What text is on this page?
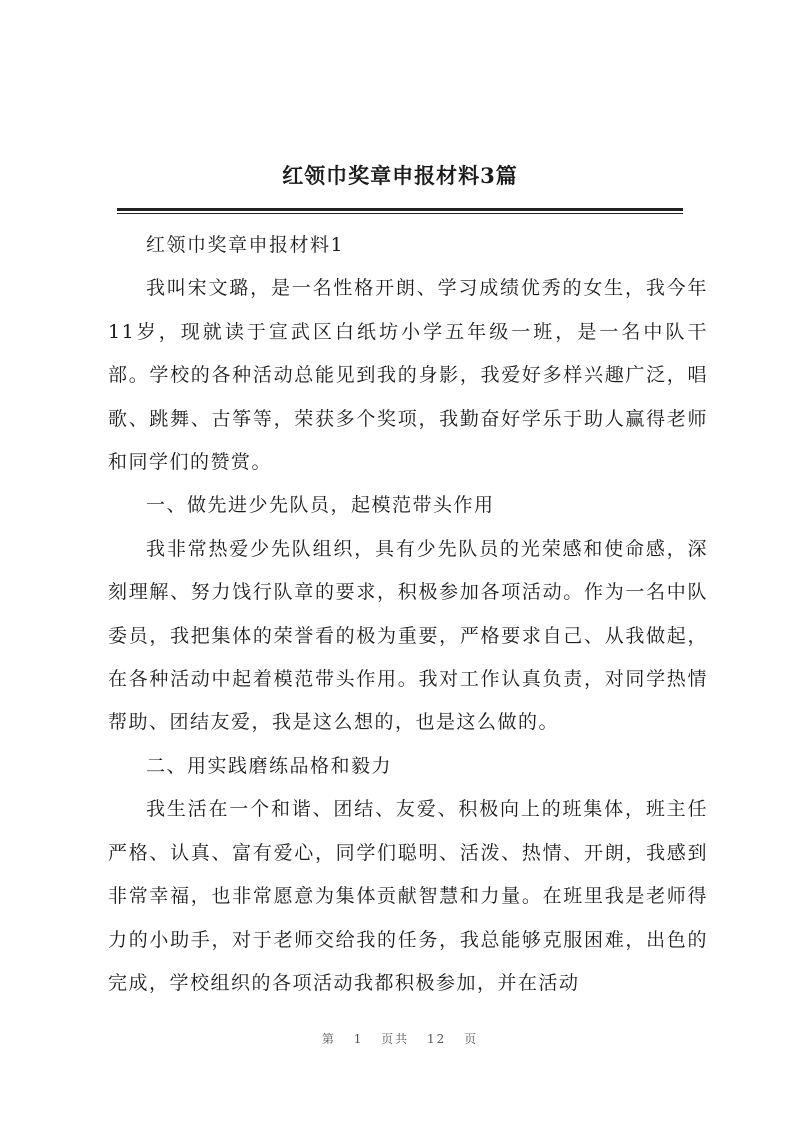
红领巾奖章申报材料3篇

红领巾奖章申报材料1

我叫宋文璐，是一名性格开朗、学习成绩优秀的女生，我今年11岁，现就读于宣武区白纸坊小学五年级一班，是一名中队干部。学校的各种活动总能见到我的身影，我爱好多样兴趣广泛，唱歌、跳舞、古筝等，荣获多个奖项，我勤奋好学乐于助人赢得老师和同学们的赞赏。

一、做先进少先队员，起模范带头作用

我非常热爱少先队组织，具有少先队员的光荣感和使命感，深刻理解、努力饯行队章的要求，积极参加各项活动。作为一名中队委员，我把集体的荣誉看的极为重要，严格要求自己、从我做起，在各种活动中起着模范带头作用。我对工作认真负责，对同学热情帮助、团结友爱，我是这么想的，也是这么做的。

二、用实践磨练品格和毅力

我生活在一个和谐、团结、友爱、积极向上的班集体，班主任严格、认真、富有爱心，同学们聪明、活泼、热情、开朗，我感到非常幸福，也非常愿意为集体贡献智慧和力量。在班里我是老师得力的小助手，对于老师交给我的任务，我总能够克服困难，出色的完成，学校组织的各项活动我都积极参加，并在活动

第 1 页共 12 页
